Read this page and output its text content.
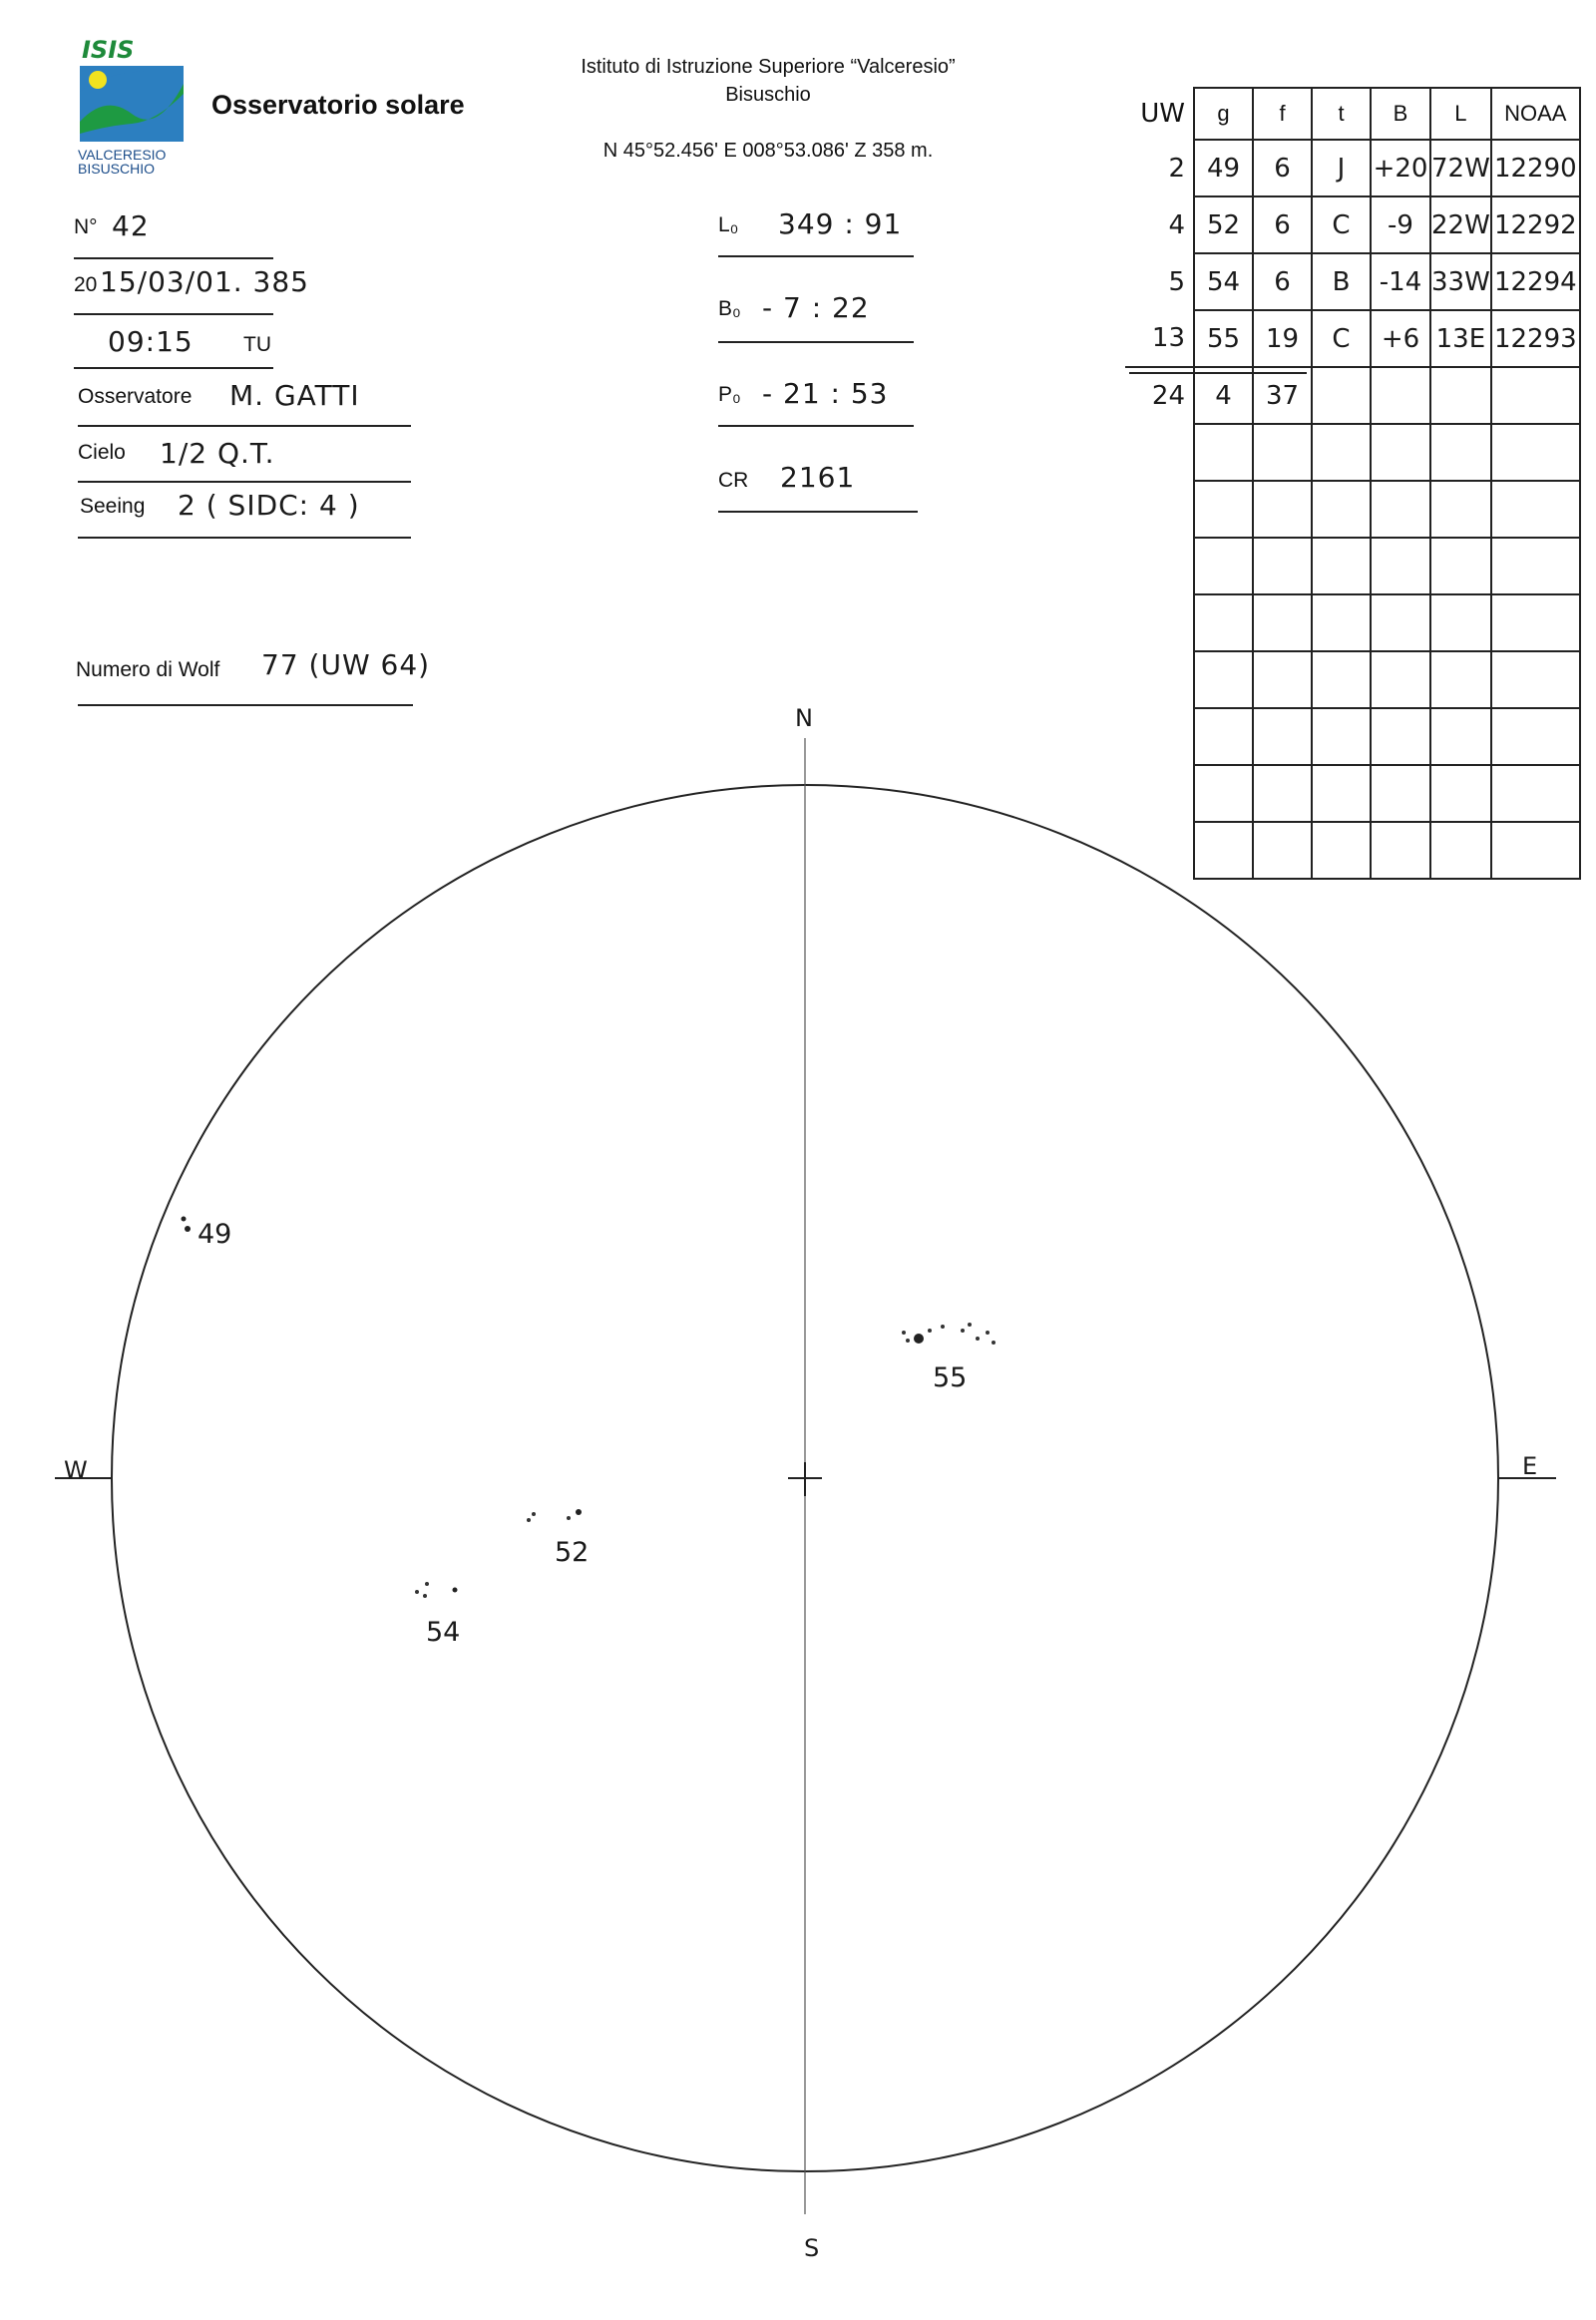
ISIS
VALCERESIO
BISUSCHIO
Osservatorio solare
Istituto di Istruzione Superiore “Valceresio”
Bisuschio
N 45°52.456' E 008°53.086' Z 358 m.
N° 42
20 15/03/01. 385
09:15 TU
Osservatore M. GATTI
Cielo 1/2 Q.T.
Seeing 2 ( SIDC: 4 )
Numero di Wolf 77 (UW 64)
L₀ 349 : 91
B₀ - 7 : 22
P₀ - 21 : 53
CR 2161
UW	g	f	t	B	L	NOAA
2	49	6	J	+20	72W	12290
4	52	6	C	-9	22W	12292
5	54	6	B	-14	33W	12294
13	55	19	C	+6	13E	12293
24	4	37				

N
S
E
W
49
55
52
54
